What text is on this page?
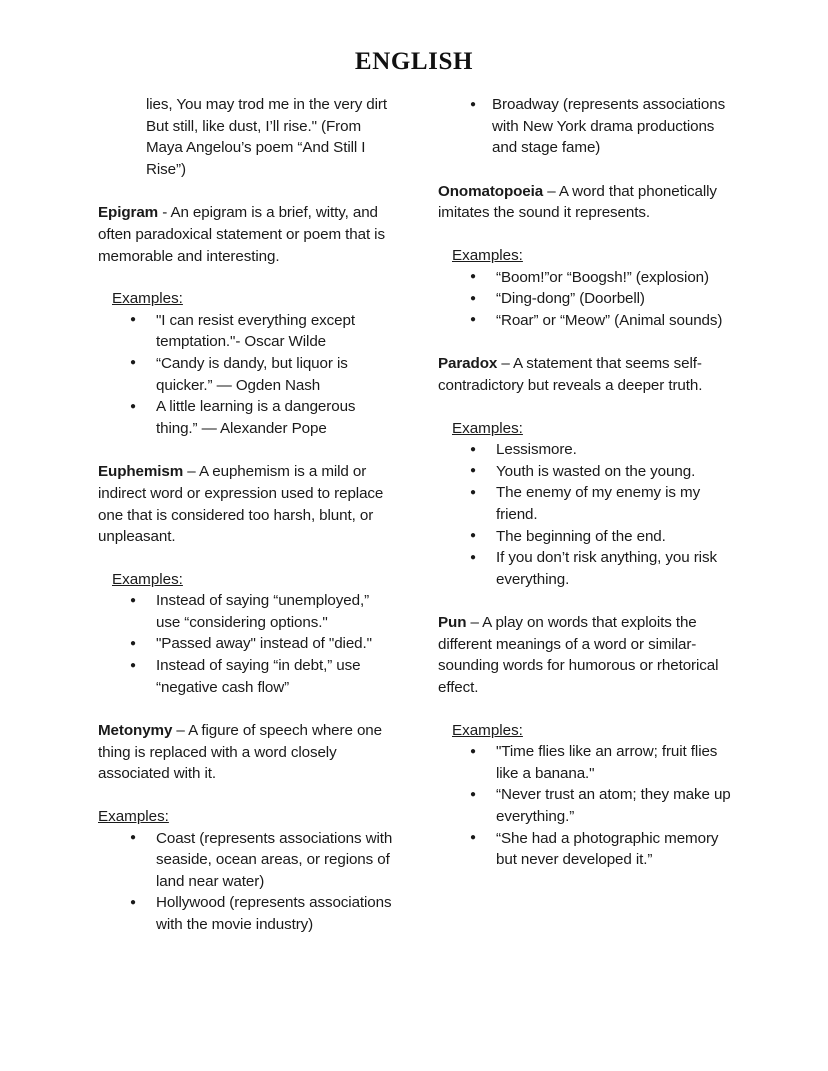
ENGLISH

lies, You may trod me in the very dirt But still, like dust, I’ll rise." (From Maya Angelou’s poem “And Still I Rise”)

Epigram - An epigram is a brief, witty, and often paradoxical statement or poem that is memorable and interesting.

Examples:
● "I can resist everything except temptation."- Oscar Wilde
● “Candy is dandy, but liquor is quicker.” — Ogden Nash
● A little learning is a dangerous thing.” — Alexander Pope

Euphemism – A euphemism is a mild or indirect word or expression used to replace one that is considered too harsh, blunt, or unpleasant.

Examples:
● Instead of saying “unemployed,” use “considering options."
● "Passed away" instead of "died."
● Instead of saying “in debt,” use “negative cash flow”

Metonymy – A figure of speech where one thing is replaced with a word closely associated with it.

Examples:
● Coast (represents associations with seaside, ocean areas, or regions of land near water)
● Hollywood (represents associations with the movie industry)
● Broadway (represents associations with New York drama productions and stage fame)

Onomatopoeia – A word that phonetically imitates the sound it represents.

Examples:
● “Boom!”or “Boogsh!” (explosion)
● “Ding-dong” (Doorbell)
● “Roar” or “Meow” (Animal sounds)

Paradox – A statement that seems self-contradictory but reveals a deeper truth.

Examples:
● Lessismore.
● Youth is wasted on the young.
● The enemy of my enemy is my friend.
● The beginning of the end.
● If you don’t risk anything, you risk everything.

Pun – A play on words that exploits the different meanings of a word or similar-sounding words for humorous or rhetorical effect.

Examples:
● "Time flies like an arrow; fruit flies like a banana."
● “Never trust an atom; they make up everything.”
● “She had a photographic memory but never developed it.”
